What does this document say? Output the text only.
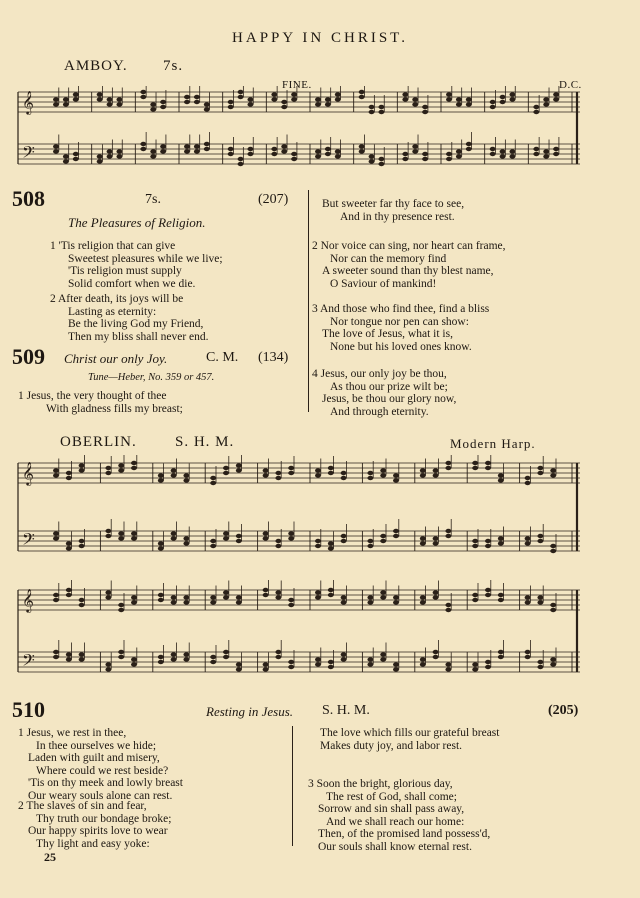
HAPPY IN CHRIST.
AMBOY. 7s.
FINE.	D.C.
𝄞
𝄢
508	7s.	(207)
The Pleasures of Religion.
1 'Tis religion that can give
Sweetest pleasures while we live;
'Tis religion must supply
Solid comfort when we die.
2 After death, its joys will be
Lasting as eternity:
Be the living God my Friend,
Then my bliss shall never end.
509 Christ our only Joy.	C. M. (134)
Tune—Heber, No. 359 or 457.
1 Jesus, the very thought of thee
With gladness fills my breast;
But sweeter far thy face to see,
And in thy presence rest.
2 Nor voice can sing, nor heart can frame,
Nor can the memory find
A sweeter sound than thy blest name,
O Saviour of mankind!
3 And those who find thee, find a bliss
Nor tongue nor pen can show:
The love of Jesus, what it is,
None but his loved ones know.
4 Jesus, our only joy be thou,
As thou our prize wilt be;
Jesus, be thou our glory now,
And through eternity.
OBERLIN.	S. H. M.	Modern Harp.
𝄞
𝄢
𝄞
𝄢
510	Resting in Jesus. S. H. M.	(205)
1 Jesus, we rest in thee,
In thee ourselves we hide;
Laden with guilt and misery,
Where could we rest beside?
'Tis on thy meek and lowly breast
Our weary souls alone can rest.
2 The slaves of sin and fear,
Thy truth our bondage broke;
Our happy spirits love to wear
Thy light and easy yoke:
25
The love which fills our grateful breast
Makes duty joy, and labor rest.
3 Soon the bright, glorious day,
The rest of God, shall come;
Sorrow and sin shall pass away,
And we shall reach our home:
Then, of the promised land possess'd,
Our souls shall know eternal rest.
